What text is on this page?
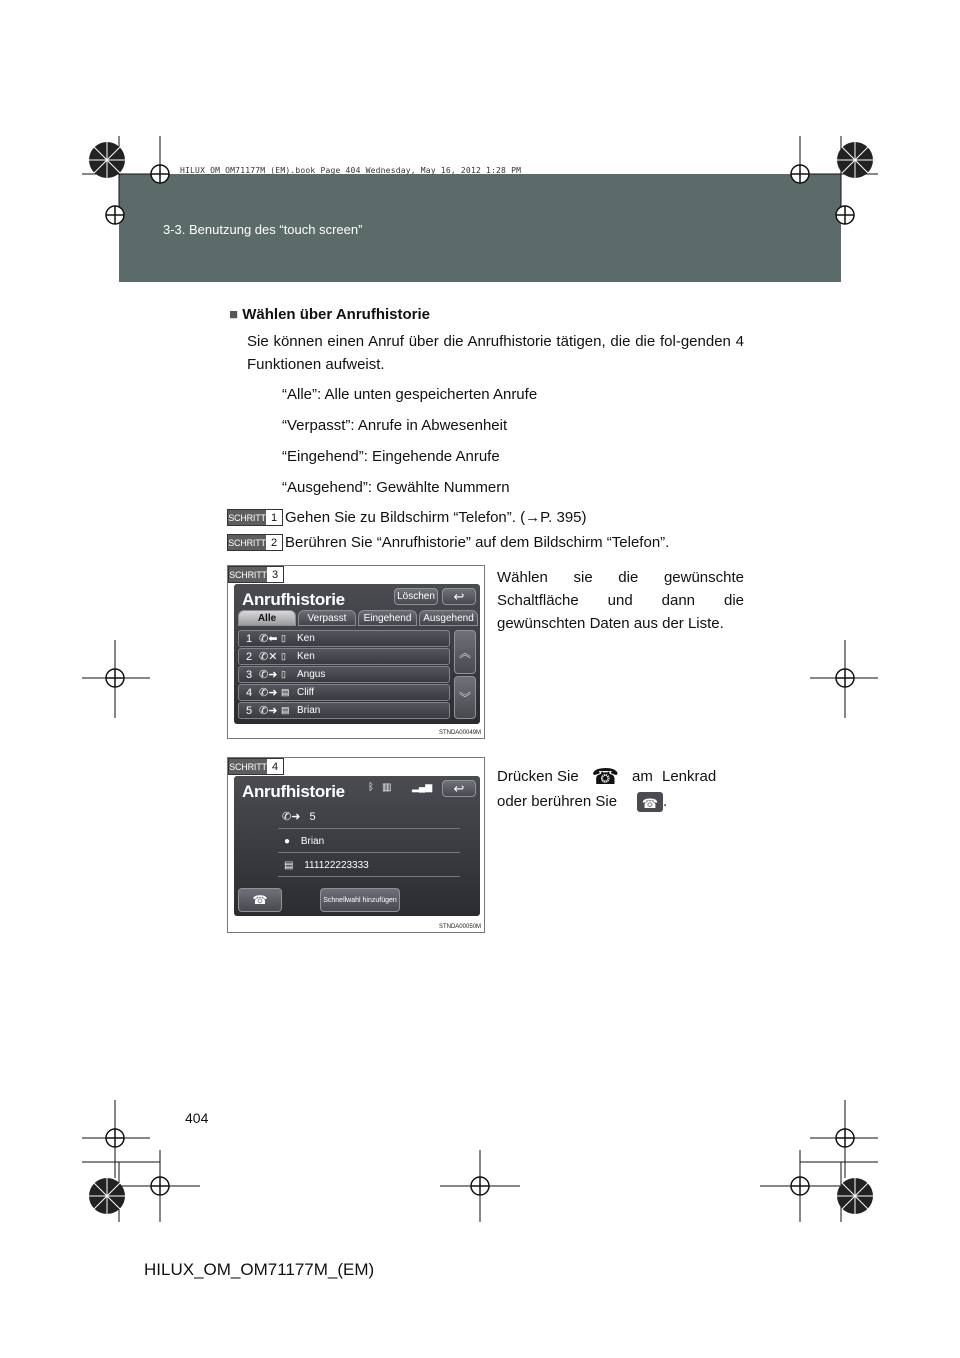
3-3. Benutzung des “touch screen”
HILUX_OM_OM71177M_(EM).book Page 404 Wednesday, May 16, 2012 1:28 PM
■ Wählen über Anrufhistorie
Sie können einen Anruf über die Anrufhistorie tätigen, die die fol-genden 4 Funktionen aufweist.
“Alle”: Alle unten gespeicherten Anrufe
“Verpasst”: Anrufe in Abwesenheit
“Eingehend”: Eingehende Anrufe
“Ausgehend”: Gewählte Nummern
SCHRITT 1 Gehen Sie zu Bildschirm “Telefon”. (→P. 395)
SCHRITT 2 Berühren Sie “Anrufhistorie” auf dem Bildschirm “Telefon”.
SCHRITT 3
Anrufhistorie	Löschen ↩
Alle	Verpasst	Eingehend	Ausgehend
1 ✆⬅ ▯	Ken
2 ✆✕ ▯	Ken
3 ✆➜ ▯	Angus
4 ✆➜ ▤ Cliff
5 ✆➜ ▤ Brian
︽
︾
STNDA00049M
Wählen sie die gewünschte Schaltfläche und dann die gewünschten Daten aus der Liste.
SCHRITT 4
Anrufhistorie ᛒ ▥ ▂▄▆ ↩
✆➜ 5
● Brian
▤ 111122223333
☎	Schnellwahl hinzufügen
STNDA00050M
Drücken Sie ☎ am Lenkrad
oder berühren Sie ☎ .
404
HILUX_OM_OM71177M_(EM)
